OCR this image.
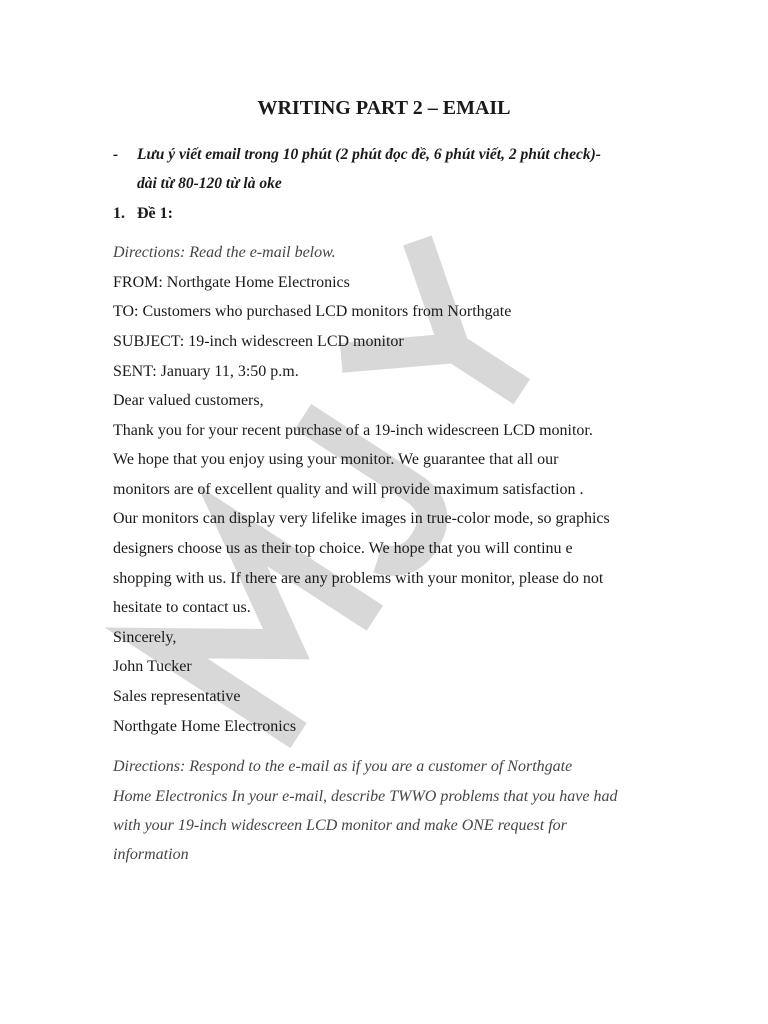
WRITING PART 2 – EMAIL
- Lưu ý viết email trong 10 phút (2 phút đọc đề, 6 phút viết, 2 phút check)-
dài từ 80-120 từ là oke
1. Đề 1:
Directions: Read the e-mail below.
FROM: Northgate Home Electronics
TO: Customers who purchased LCD monitors from Northgate
SUBJECT: 19-inch widescreen LCD monitor
SENT: January 11, 3:50 p.m.
Dear valued customers,
Thank you for your recent purchase of a 19-inch widescreen LCD monitor.
We hope that you enjoy using your monitor. We guarantee that all our
monitors are of excellent quality and will provide maximum satisfaction .
Our monitors can display very lifelike images in true-color mode, so graphics
designers choose us as their top choice. We hope that you will continu e
shopping with us. If there are any problems with your monitor, please do not
hesitate to contact us.
Sincerely,
John Tucker
Sales representative
Northgate Home Electronics
Directions: Respond to the e-mail as if you are a customer of Northgate
Home Electronics In your e-mail, describe TWWO problems that you have had
with your 19-inch widescreen LCD monitor and make ONE request for
information
